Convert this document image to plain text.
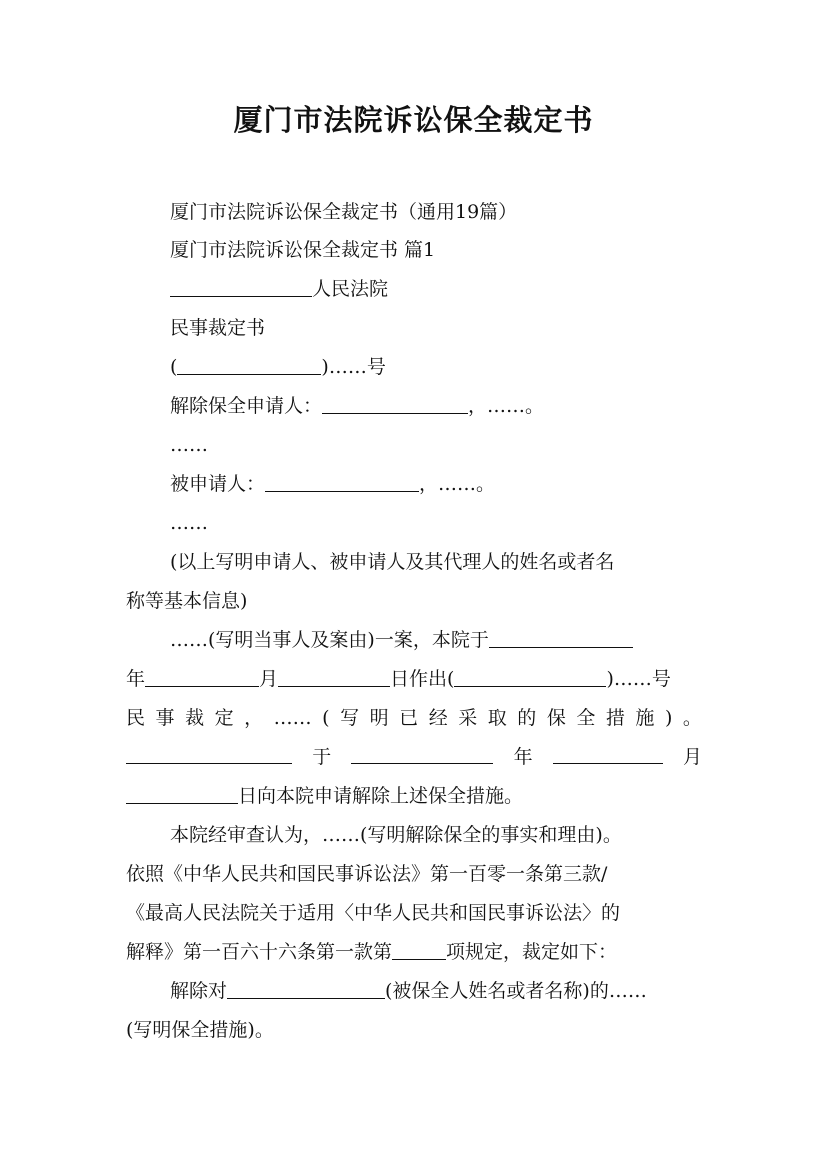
厦门市法院诉讼保全裁定书
厦门市法院诉讼保全裁定书（通用19篇）
厦门市法院诉讼保全裁定书 篇1
人民法院
民事裁定书
(	)……号
解除保全申请人：	，……。
……
被申请人：	，……。
……
(以上写明申请人、被申请人及其代理人的姓名或者名
称等基本信息)
……(写明当事人及案由)一案，本院于
年	月	日作出(	)……号
民 事 裁 定 ， …… ( 写 明 已 经 采 取 的 保 全 措 施 ) 。
于	年	月
日向本院申请解除上述保全措施。
本院经审查认为，……(写明解除保全的事实和理由)。
依照《中华人民共和国民事诉讼法》第一百零一条第三款/
《最高人民法院关于适用〈中华人民共和国民事诉讼法〉的
解释》第一百六十六条第一款第	项规定，裁定如下：
解除对	(被保全人姓名或者名称)的……
(写明保全措施)。
